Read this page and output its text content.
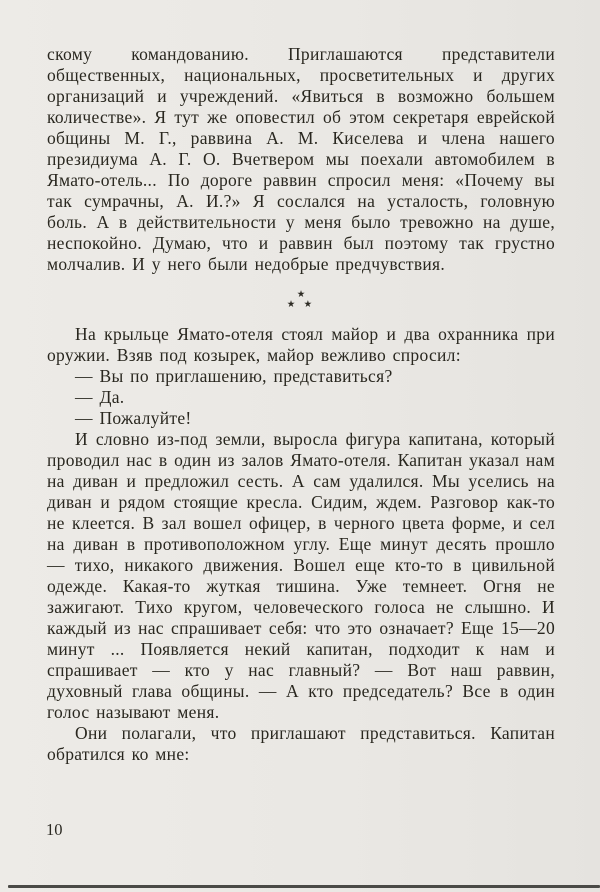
скому командованию. Приглашаются представители общественных, национальных, просветительных и других организаций и учреждений. «Явиться в возможно большем количестве». Я тут же оповестил об этом секретаря еврейской общины М. Г., раввина А. М. Киселева и члена нашего президиума А. Г. О. Вчетвером мы поехали автомобилем в Ямато-отель... По дороге раввин спросил меня: «Почему вы так сумрачны, А. И.?» Я сослался на усталость, головную боль. А в действительности у меня было тревожно на душе, неспокойно. Думаю, что и раввин был поэтому так грустно молчалив. И у него были недобрые предчувствия.

★
★ ★

На крыльце Ямато-отеля стоял майор и два охранника при оружии. Взяв под козырек, майор вежливо спросил:

— Вы по приглашению, представиться?

— Да.

— Пожалуйте!

И словно из-под земли, выросла фигура капитана, который проводил нас в один из залов Ямато-отеля. Капитан указал нам на диван и предложил сесть. А сам удалился. Мы уселись на диван и рядом стоящие кресла. Сидим, ждем. Разговор как-то не клеется. В зал вошел офицер, в черного цвета форме, и сел на диван в противоположном углу. Еще минут десять прошло — тихо, никакого движения. Вошел еще кто-то в цивильной одежде. Какая-то жуткая тишина. Уже темнеет. Огня не зажигают. Тихо кругом, человеческого голоса не слышно. И каждый из нас спрашивает себя: что это означает? Еще 15—20 минут ... Появляется некий капитан, подходит к нам и спрашивает — кто у нас главный? — Вот наш раввин, духовный глава общины. — А кто председатель? Все в один голос называют меня.

Они полагали, что приглашают представиться. Капитан обратился ко мне:

10
